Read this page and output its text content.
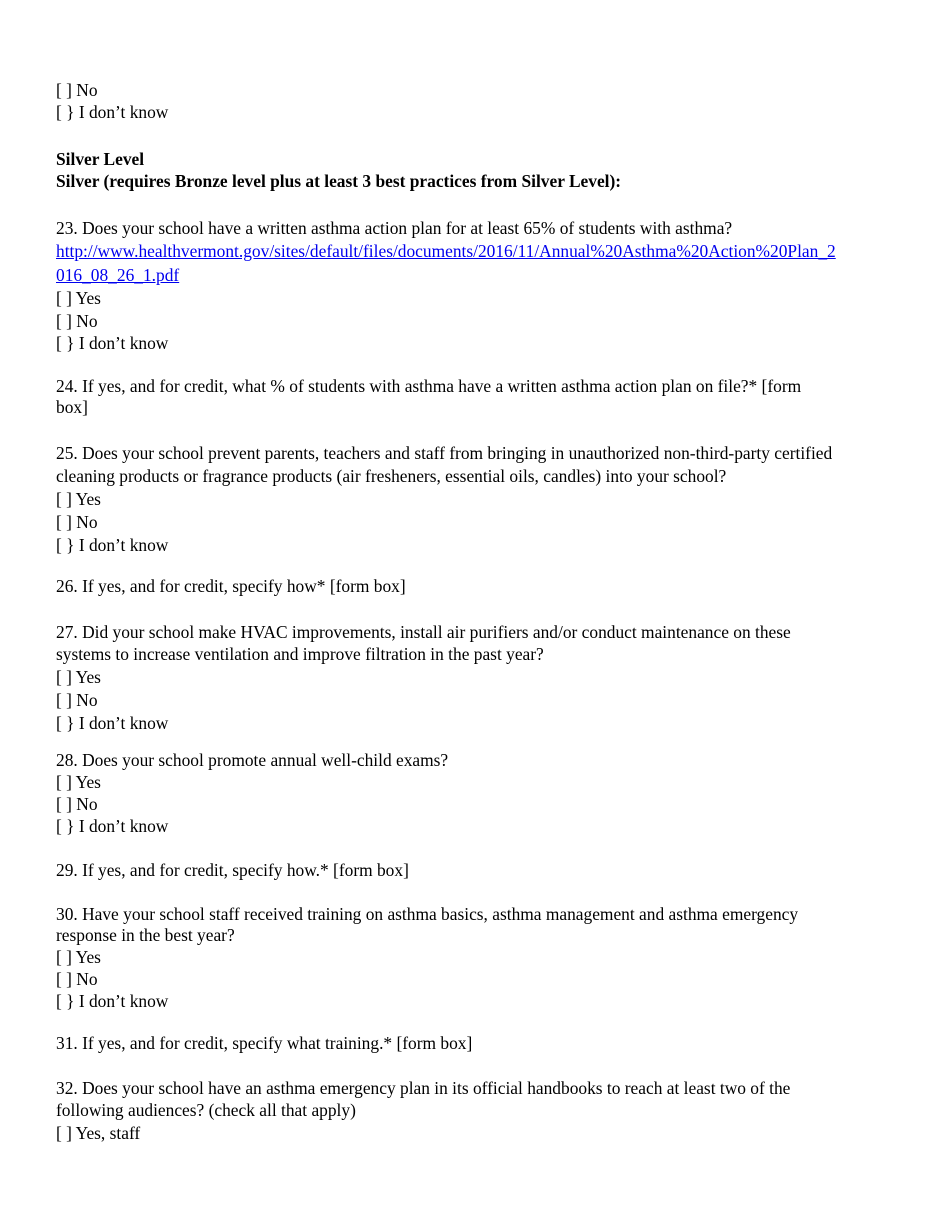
[ ] No
[ } I don’t know
Silver Level
Silver (requires Bronze level plus at least 3 best practices from Silver Level):
23. Does your school have a written asthma action plan for at least 65% of students with asthma?
http://www.healthvermont.gov/sites/default/files/documents/2016/11/Annual%20Asthma%20Action%20Plan_2
016_08_26_1.pdf
[ ] Yes
[ ] No
[ } I don’t know
24. If yes, and for credit, what % of students with asthma have a written asthma action plan on file?* [form
box]
25. Does your school prevent parents, teachers and staff from bringing in unauthorized non-third-party certified
cleaning products or fragrance products (air fresheners, essential oils, candles) into your school?
[ ] Yes
[ ] No
[ } I don’t know
26. If yes, and for credit, specify how* [form box]
27. Did your school make HVAC improvements, install air purifiers and/or conduct maintenance on these
systems to increase ventilation and improve filtration in the past year?
[ ] Yes
[ ] No
[ } I don’t know
28. Does your school promote annual well-child exams?
[ ] Yes
[ ] No
[ } I don’t know
29. If yes, and for credit, specify how.* [form box]
30. Have your school staff received training on asthma basics, asthma management and asthma emergency
response in the best year?
[ ] Yes
[ ] No
[ } I don’t know
31. If yes, and for credit, specify what training.* [form box]
32. Does your school have an asthma emergency plan in its official handbooks to reach at least two of the
following audiences? (check all that apply)
[ ] Yes, staff
